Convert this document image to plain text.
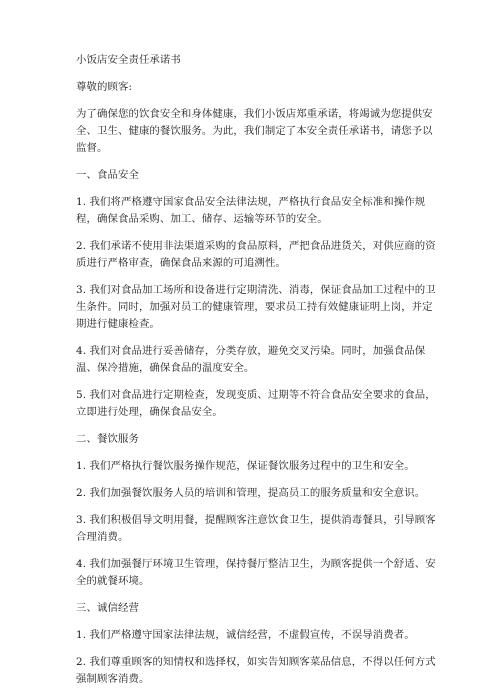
小饭店安全责任承诺书

尊敬的顾客:

为了确保您的饮食安全和身体健康，我们小饭店郑重承诺，将竭诚为您提供安全、卫生、健康的餐饮服务。为此，我们制定了本安全责任承诺书，请您予以监督。

一、食品安全

1. 我们将严格遵守国家食品安全法律法规，严格执行食品安全标准和操作规程，确保食品采购、加工、储存、运输等环节的安全。

2. 我们承诺不使用非法渠道采购的食品原料，严把食品进货关，对供应商的资质进行严格审查，确保食品来源的可追溯性。

3. 我们对食品加工场所和设备进行定期清洗、消毒，保证食品加工过程中的卫生条件。同时，加强对员工的健康管理，要求员工持有效健康证明上岗，并定期进行健康检查。

4. 我们对食品进行妥善储存，分类存放，避免交叉污染。同时，加强食品保温、保冷措施，确保食品的温度安全。

5. 我们对食品进行定期检查，发现变质、过期等不符合食品安全要求的食品，立即进行处理，确保食品安全。

二、餐饮服务

1. 我们严格执行餐饮服务操作规范，保证餐饮服务过程中的卫生和安全。

2. 我们加强餐饮服务人员的培训和管理，提高员工的服务质量和安全意识。

3. 我们积极倡导文明用餐，提醒顾客注意饮食卫生，提供消毒餐具，引导顾客合理消费。

4. 我们加强餐厅环境卫生管理，保持餐厅整洁卫生，为顾客提供一个舒适、安全的就餐环境。

三、诚信经营

1. 我们严格遵守国家法律法规，诚信经营，不虚假宣传，不误导消费者。

2. 我们尊重顾客的知情权和选择权，如实告知顾客菜品信息，不得以任何方式强制顾客消费。
